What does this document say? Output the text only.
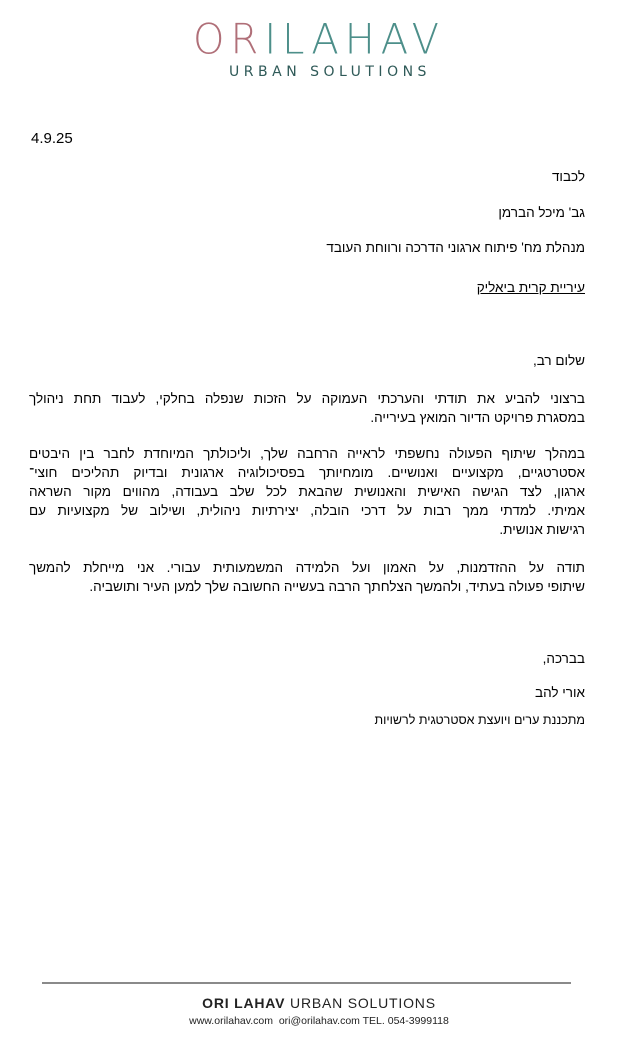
ORILAHAV
URBAN SOLUTIONS
4.9.25
לכבוד
גב' מיכל הברמן
מנהלת מח' פיתוח ארגוני הדרכה ורווחת העובד
עיריית קרית ביאליק
שלום רב,
ברצוני להביע את תודתי והערכתי העמוקה על הזכות שנפלה בחלקי, לעבוד תחת ניהולך
במסגרת פרויקט הדיור המואץ בעירייה.
במהלך שיתוף הפעולה נחשפתי לראייה הרחבה שלך, וליכולתך המיוחדת לחבר בין היבטים
אסטרטגיים, מקצועיים ואנושיים. מומחיותך בפסיכולוגיה ארגונית ובדיוק תהליכים חוצי־
ארגון, לצד הגישה האישית והאנושית שהבאת לכל שלב בעבודה, מהווים מקור השראה
אמיתי. למדתי ממך רבות על דרכי הובלה, יצירתיות ניהולית, ושילוב של מקצועיות עם
רגישות אנושית.
תודה על ההזדמנות, על האמון ועל הלמידה המשמעותית עבורי. אני מייחלת להמשך
שיתופי פעולה בעתיד, ולהמשך הצלחתך הרבה בעשייה החשובה שלך למען העיר ותושביה.
בברכה,
אורי להב
מתכננת ערים ויועצת אסטרטגית לרשויות
ORI LAHAV URBAN SOLUTIONS
www.orilahav.com ori@orilahav.com TEL. 054-3999118
